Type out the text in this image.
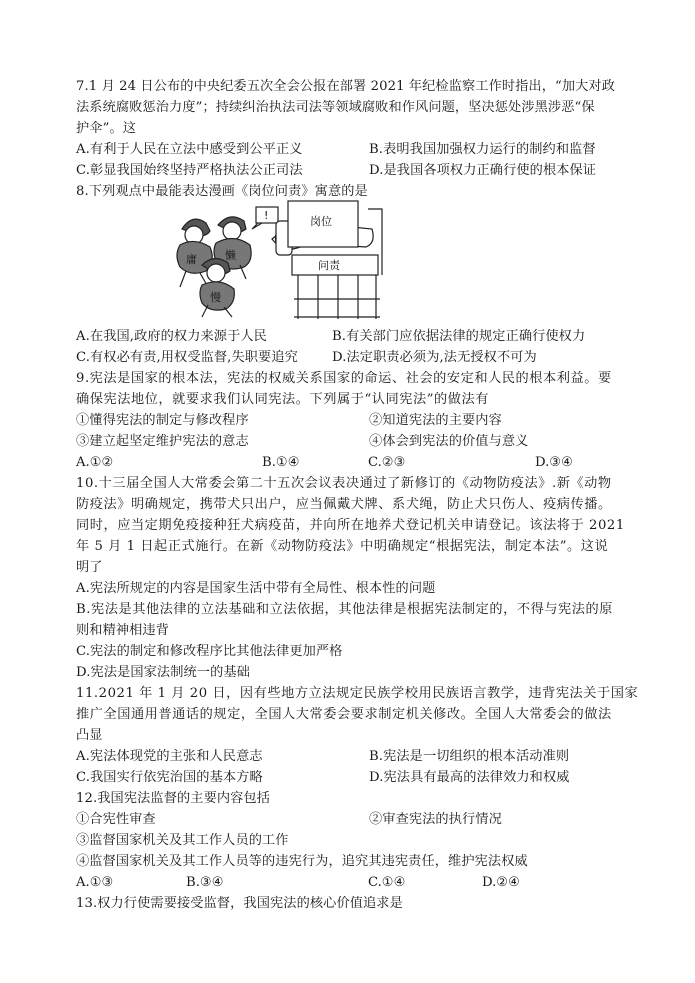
7.1 月 24 日公布的中央纪委五次全会公报在部署 2021 年纪检监察工作时指出，“加大对政
法系统腐败惩治力度”；持续纠治执法司法等领域腐败和作风问题，坚决惩处涉黑涉恶“保
护伞”。这
A.有利于人民在立法中感受到公平正义	B.表明我国加强权力运行的制约和监督
C.彰显我国始终坚持严格执法公正司法	D.是我国各项权力正确行使的根本保证
8.下列观点中最能表达漫画《岗位问责》寓意的是
庸	懒
慢
岗位
问责
!
A.在我国,政府的权力来源于人民	B.有关部门应依据法律的规定正确行使权力
C.有权必有责,用权受监督,失职要追究	D.法定职责必须为,法无授权不可为
9.宪法是国家的根本法，宪法的权威关系国家的命运、社会的安定和人民的根本利益。要
确保宪法地位，就要求我们认同宪法。下列属于“认同宪法”的做法有
①懂得宪法的制定与修改程序	②知道宪法的主要内容
③建立起坚定维护宪法的意志	④体会到宪法的价值与意义
A.①②	B.①④	C.②③	D.③④
10.十三届全国人大常委会第二十五次会议表决通过了新修订的《动物防疫法》.新《动物
防疫法》明确规定，携带犬只出户，应当佩戴犬牌、系犬绳，防止犬只伤人、疫病传播。
同时，应当定期免疫接种狂犬病疫苗，并向所在地养犬登记机关申请登记。该法将于 2021
年 5 月 1 日起正式施行。在新《动物防疫法》中明确规定“根据宪法，制定本法”。这说
明了
A.宪法所规定的内容是国家生活中带有全局性、根本性的问题
B.宪法是其他法律的立法基础和立法依据，其他法律是根据宪法制定的，不得与宪法的原
则和精神相违背
C.宪法的制定和修改程序比其他法律更加严格
D.宪法是国家法制统一的基础
11.2021 年 1 月 20 日，因有些地方立法规定民族学校用民族语言教学，违背宪法关于国家
推广全国通用普通话的规定，全国人大常委会要求制定机关修改。全国人大常委会的做法
凸显
A.宪法体现党的主张和人民意志	B.宪法是一切组织的根本活动准则
C.我国实行依宪治国的基本方略	D.宪法具有最高的法律效力和权威
12.我国宪法监督的主要内容包括
①合宪性审查	②审查宪法的执行情况
③监督国家机关及其工作人员的工作
④监督国家机关及其工作人员等的违宪行为，追究其违宪责任，维护宪法权威
A.①③	B.③④	C.①④	D.②④
13.权力行使需要接受监督，我国宪法的核心价值追求是
